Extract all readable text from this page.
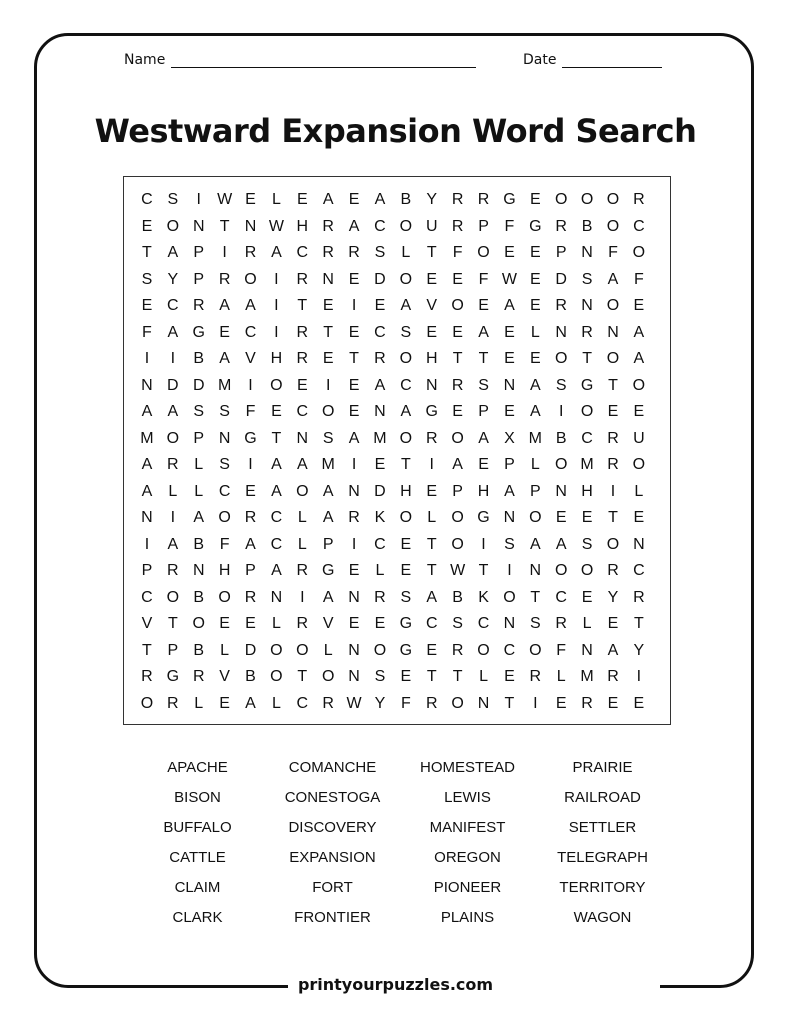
Name	Date
Westward Expansion Word Search
C S	I	W E	L	E A E A B Y R R G E O O O R
E O N T N W H R A C O U R P F G R B O C
T A P	I	R A C R R S	L	T	F O E E P N F O
S Y P R O	I	R N E D O E E F W E D S A F
E C R A A	I	T E	I	E A V O E A E R N O E
F A G E C	I	R T E C S E E A E	L N R N A
I	I	B A V H R E T R O H T	T E E O T O A
N D D M	I	O E	I	E A C N R S N A S G T O
A A S S F E C O E N A G E P E A	I	O E E
M O P N G T N S A M O R O A X M B C R U
A R L	S	I	A A M	I	E T	I	A E P	L O M R O
A	L	L C E A O A N D H E P H A P N H	I	L
N	I	A O R C L	A R K O L O G N O E E T E
I	A B F A C L	P	I	C E T O	I	S A A S O N
P R N H P A R G E	L	E T W T	I	N O O R C
C O B O R N	I	A N R S A B K O T C E Y R
V T O E E	L R V E E G C S C N S R L	E T
T P B	L D O O L N O G E R O C O F N A Y
R G R V B O T O N S E T	T	L	E R L M R	I
O R L	E A	L C R W Y F R O N T	I	E R E E
APACHE	COMANCHE	HOMESTEAD	PRAIRIE
BISON	CONESTOGA	LEWIS	RAILROAD
BUFFALO	DISCOVERY	MANIFEST	SETTLER
CATTLE	EXPANSION	OREGON	TELEGRAPH
CLAIM	FORT	PIONEER	TERRITORY
CLARK	FRONTIER	PLAINS	WAGON
printyourpuzzles.com
